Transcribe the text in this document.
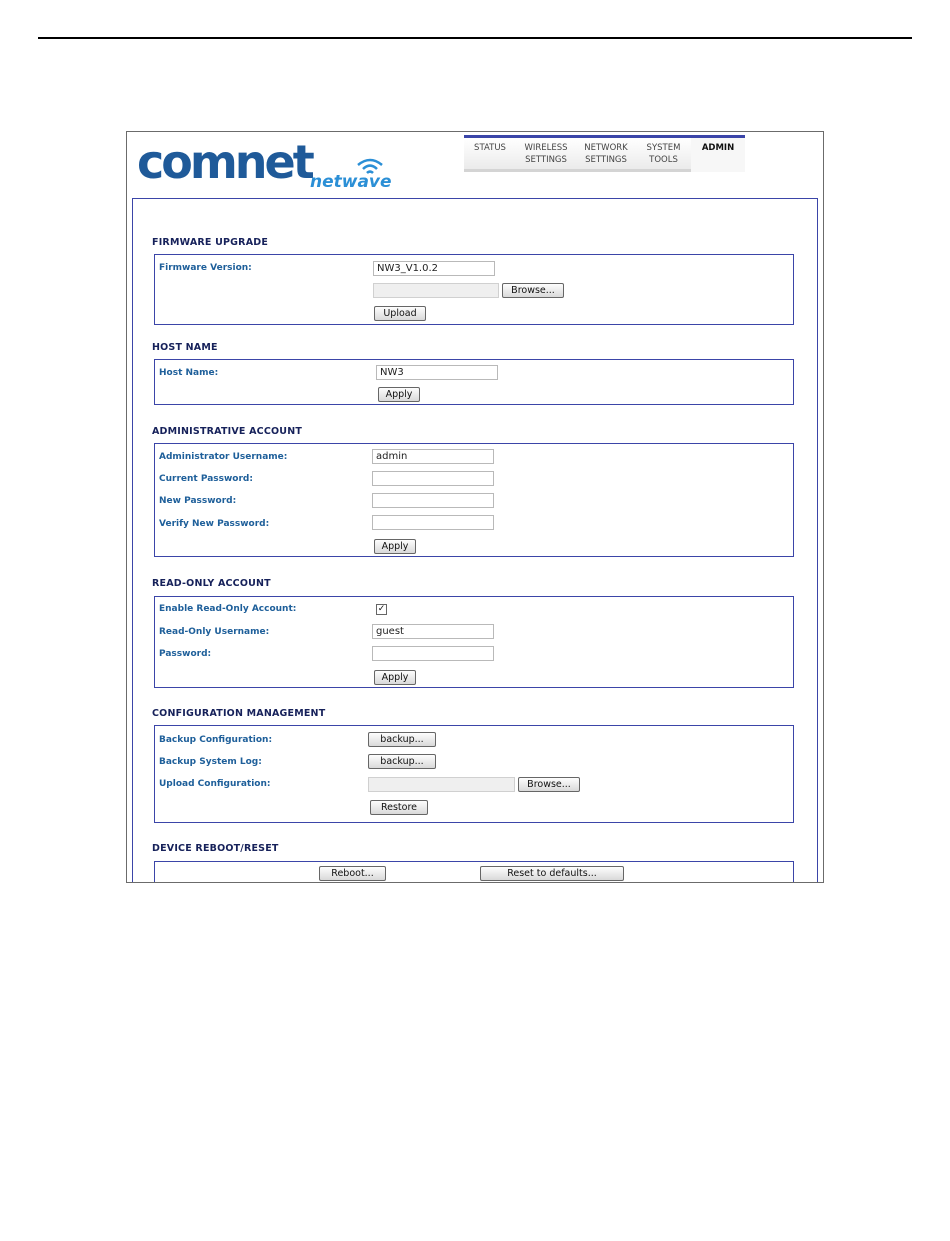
comnet
netwave
STATUS	WIRELESS
SETTINGS
NETWORK
SETTINGS
SYSTEM
TOOLS
ADMIN
FIRMWARE UPGRADE
Firmware Version:	NW3_V1.0.2
Browse...
Upload
HOST NAME
Host Name:	NW3
Apply
ADMINISTRATIVE ACCOUNT
Administrator Username:	admin
Current Password:
New Password:
Verify New Password:
Apply
READ-ONLY ACCOUNT
Enable Read-Only Account:	✓
Read-Only Username:	guest
Password:
Apply
CONFIGURATION MANAGEMENT
Backup Configuration:	backup...
Backup System Log:	backup...
Upload Configuration:	Browse...
Restore
DEVICE REBOOT/RESET
Reboot...	Reset to defaults...
